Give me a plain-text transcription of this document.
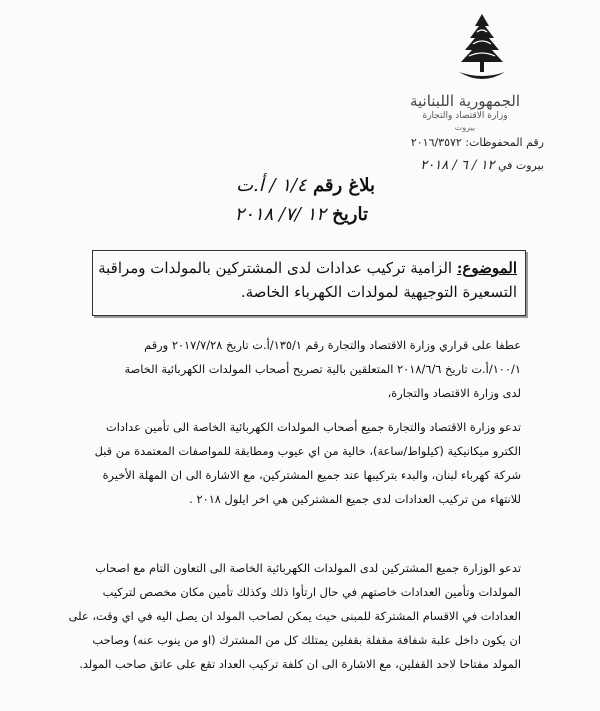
الجمهورية اللبنانية
وزارة الاقتصاد والتجارة
بيروت
رقم المحفوظات: ٢٠١٦/٣٥٧٢
بيروت في ١٢ / ٦ / ٢٠١٨
بلاغ رقم ١/٤ / أ.ت
تاريخ ١٢ /٧/ ٢٠١٨
الموضوع: الزامية تركيب عدادات لدى المشتركين بالمولدات ومراقبة
التسعيرة التوجيهية لمولدات الكهرباء الخاصة.
عطفا على قراري وزارة الاقتصاد والتجارة رقم ١٣٥/١/أ.ت تاريخ ٢٠١٧/٧/٢٨ ورقم
١٠٠/١/أ.ت تاريخ ٢٠١٨/٦/٦ المتعلقين بالية تصريح أصحاب المولدات الكهربائية الخاصة
لدى وزارة الاقتصاد والتجارة،
تدعو وزارة الاقتصاد والتجارة جميع أصحاب المولدات الكهربائية الخاصة الى تأمين عدادات
الكترو ميكانيكية (كيلواط/ساعة)، خالية من اي عيوب ومطابقة للمواصفات المعتمدة من قبل
شركة كهرباء لبنان، والبدء بتركيبها عند جميع المشتركين، مع الاشارة الى ان المهلة الأخيرة
للانتهاء من تركيب العدادات لدى جميع المشتركين هي اخر ايلول ٢٠١٨ .
تدعو الوزارة جميع المشتركين لدى المولدات الكهربائية الخاصة الى التعاون التام مع اصحاب
المولدات وتأمين العدادات خاصتهم في حال ارتأوا ذلك وكذلك تأمين مكان مخصص لتركيب
العدادات في الاقسام المشتركة للمبنى حيث يمكن لصاحب المولد ان يصل اليه في اي وقت، على
ان يكون داخل علبة شفافة مقفلة بقفلين يمتلك كل من المشترك (او من ينوب عنه) وصاحب
المولد مفتاحا لاحد القفلين، مع الاشارة الى ان كلفة تركيب العداد تقع على عاتق صاحب المولد.
